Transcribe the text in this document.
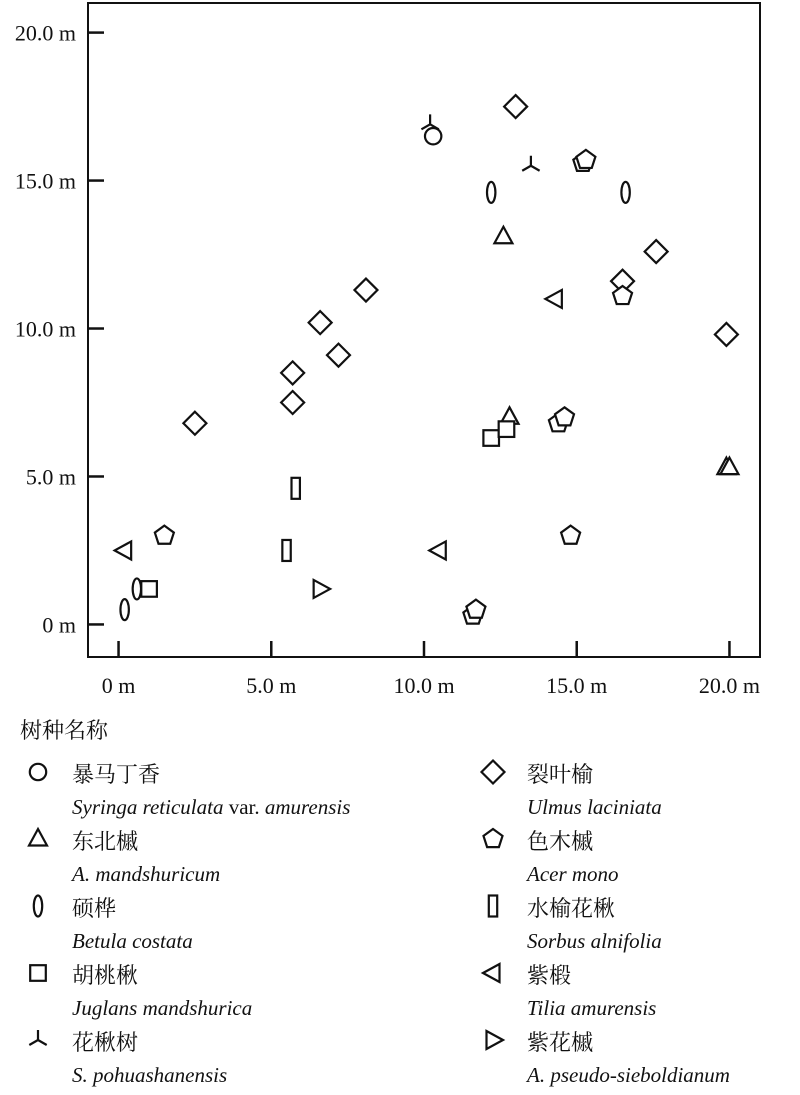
0 m
5.0 m
10.0 m
15.0 m
20.0 m
0 m	5.0 m	10.0 m	15.0 m	20.0 m
树种名称
暴马丁香
Syringa reticulata var. amurensis
东北槭
A. mandshuricum
硕桦
Betula costata
胡桃楸
Juglans mandshurica
花楸树
S. pohuashanensis
裂叶榆
Ulmus laciniata
色木槭
Acer mono
水榆花楸
Sorbus alnifolia
紫椴
Tilia amurensis
紫花槭
A. pseudo-sieboldianum
